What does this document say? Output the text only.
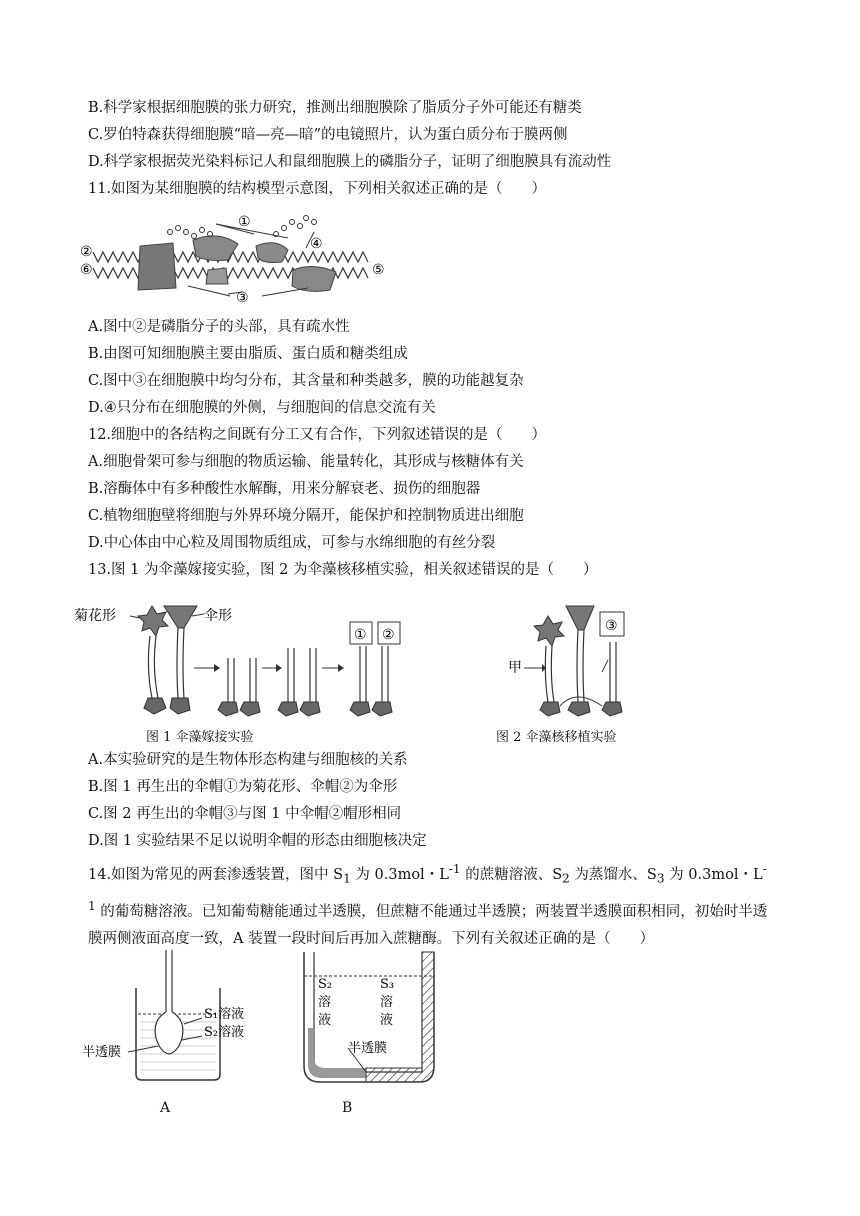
B.科学家根据细胞膜的张力研究，推测出细胞膜除了脂质分子外可能还有糖类
C.罗伯特森获得细胞膜“暗—亮—暗”的电镜照片，认为蛋白质分布于膜两侧
D.科学家根据荧光染料标记人和鼠细胞膜上的磷脂分子，证明了细胞膜具有流动性
11.如图为某细胞膜的结构模型示意图，下列相关叙述正确的是（　　）
①
②
③
④
⑤
⑥
A.图中②是磷脂分子的头部，具有疏水性
B.由图可知细胞膜主要由脂质、蛋白质和糖类组成
C.图中③在细胞膜中均匀分布，其含量和种类越多，膜的功能越复杂
D.④只分布在细胞膜的外侧，与细胞间的信息交流有关
12.细胞中的各结构之间既有分工又有合作，下列叙述错误的是（　　）
A.细胞骨架可参与细胞的物质运输、能量转化，其形成与核糖体有关
B.溶酶体中有多种酸性水解酶，用来分解衰老、损伤的细胞器
C.植物细胞壁将细胞与外界环境分隔开，能保护和控制物质进出细胞
D.中心体由中心粒及周围物质组成，可参与水绵细胞的有丝分裂
13.图 1 为伞藻嫁接实验，图 2 为伞藻核移植实验，相关叙述错误的是（　　）
菊花形	伞形
① ②
③
甲
图 1 伞藻嫁接实验	图 2 伞藻核移植实验
A.本实验研究的是生物体形态构建与细胞核的关系
B.图 1 再生出的伞帽①为菊花形、伞帽②为伞形
C.图 2 再生出的伞帽③与图 1 中伞帽②帽形相同
D.图 1 实验结果不足以说明伞帽的形态由细胞核决定
14.如图为常见的两套渗透装置，图中 $S_1$ 为 0.3mol・$L^{-1}$ 的蔗糖溶液、$S_2$ 为蒸馏水、$S_3$ 为 0.3mol・$L^{-1}$ 的葡萄糖溶液。已知葡萄糖能通过半透膜，但蔗糖不能通过半透膜；两装置半透膜面积相同，初始时半透膜两侧液面高度一致，A 装置一段时间后再加入蔗糖酶。下列有关叙述正确的是（　　）
S₁溶液
S₂溶液
半透膜
S₂
溶
液
S₃
溶
液
半透膜
A	B
